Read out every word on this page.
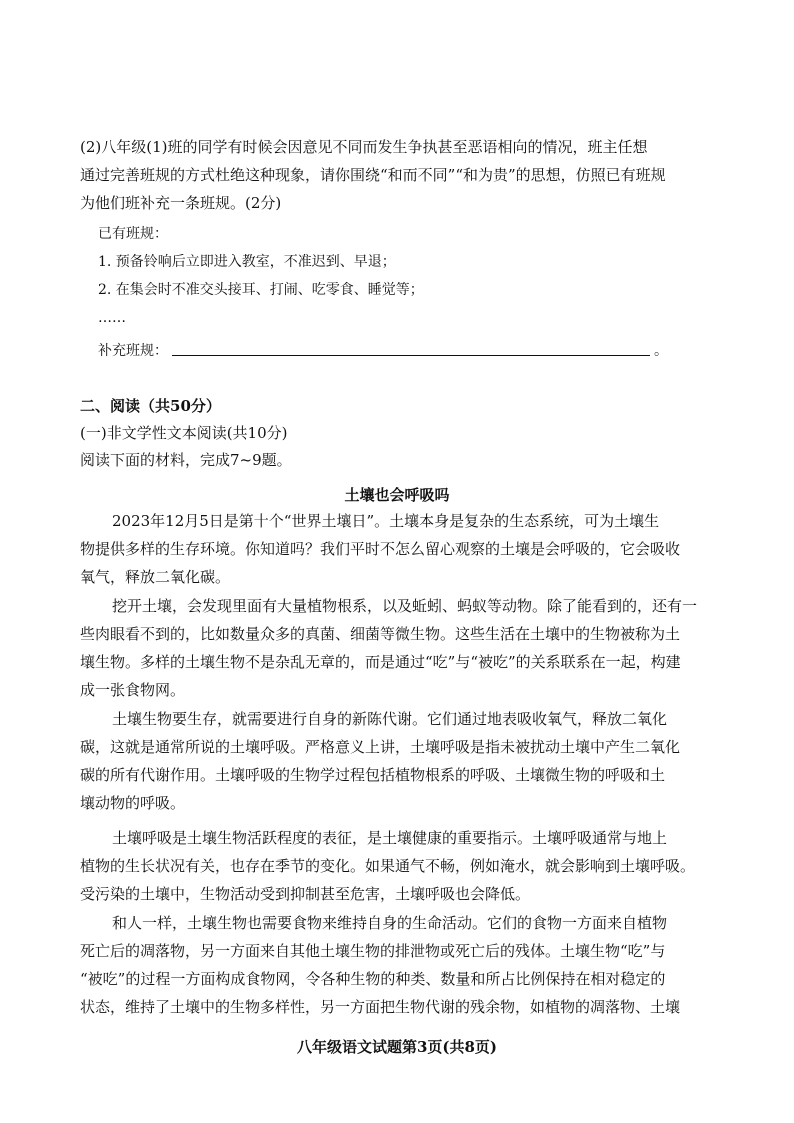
(2)八年级(1)班的同学有时候会因意见不同而发生争执甚至恶语相向的情况，班主任想
通过完善班规的方式杜绝这种现象，请你围绕“和而不同”“和为贵”的思想，仿照已有班规
为他们班补充一条班规。(2分)
已有班规：
1. 预备铃响后立即进入教室，不准迟到、早退；
2. 在集会时不准交头接耳、打闹、吃零食、睡觉等；
……
补充班规：	。
二、阅读（共50分）
(一)非文学性文本阅读(共10分)
阅读下面的材料，完成7~9题。
土壤也会呼吸吗
2023年12月5日是第十个“世界土壤日”。土壤本身是复杂的生态系统，可为土壤生
物提供多样的生存环境。你知道吗？我们平时不怎么留心观察的土壤是会呼吸的，它会吸收
氧气，释放二氧化碳。
挖开土壤，会发现里面有大量植物根系，以及蚯蚓、蚂蚁等动物。除了能看到的，还有一
些肉眼看不到的，比如数量众多的真菌、细菌等微生物。这些生活在土壤中的生物被称为土
壤生物。多样的土壤生物不是杂乱无章的，而是通过“吃”与“被吃”的关系联系在一起，构建
成一张食物网。
土壤生物要生存，就需要进行自身的新陈代谢。它们通过地表吸收氧气，释放二氧化
碳，这就是通常所说的土壤呼吸。严格意义上讲，土壤呼吸是指未被扰动土壤中产生二氧化
碳的所有代谢作用。土壤呼吸的生物学过程包括植物根系的呼吸、土壤微生物的呼吸和土
壤动物的呼吸。
土壤呼吸是土壤生物活跃程度的表征，是土壤健康的重要指示。土壤呼吸通常与地上
植物的生长状况有关，也存在季节的变化。如果通气不畅，例如淹水，就会影响到土壤呼吸。
受污染的土壤中，生物活动受到抑制甚至危害，土壤呼吸也会降低。
和人一样，土壤生物也需要食物来维持自身的生命活动。它们的食物一方面来自植物
死亡后的凋落物，另一方面来自其他土壤生物的排泄物或死亡后的残体。土壤生物“吃”与
“被吃”的过程一方面构成食物网，令各种生物的种类、数量和所占比例保持在相对稳定的
状态，维持了土壤中的生物多样性，另一方面把生物代谢的残余物，如植物的凋落物、土壤
八年级语文试题第3页(共8页)
